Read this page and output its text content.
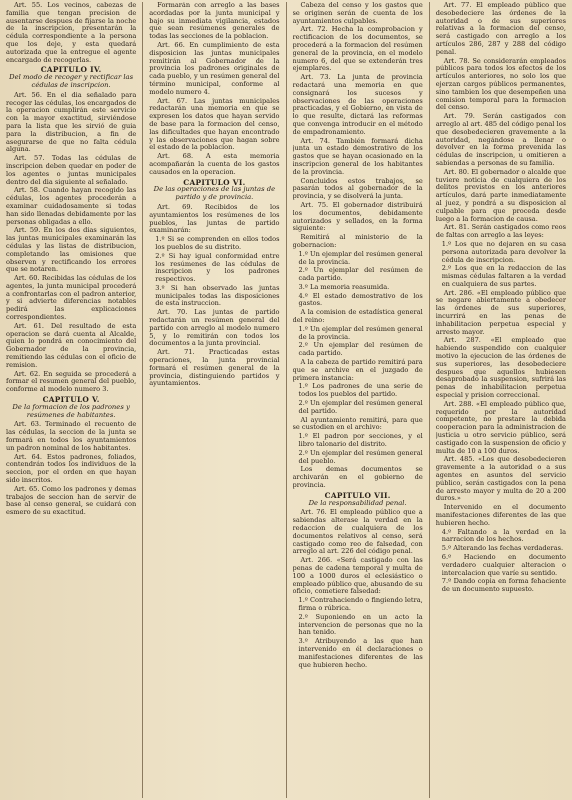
Art. 55. Los vecinos, cabezas de familia que tengan precision de ausentarse despues de fijarse la noche de la inscripcion, presentarán la cédula correspondiente a la persona que los deje, y esta quedará autorizada que la entregue el agente encargado de recogerlas.

CAPITULO IV.
Del modo de recoger y rectificar las cédulas de inscripcion.

Art. 56. En el dia señalado para recoger las cédulas, los encargados de la operacion cumplirán este servicio con la mayor exactitud, sirviéndose para la lista que les sirvió de guia para la distribucion, a fin de asegurarse de que no falta cédula alguna.

Art. 57. Todas las cédulas de inscripcion deben quedar en poder de los agentes o juntas municipales dentro del dia siguiente al señalado.

Art. 58. Cuando hayan recogido las cédulas, los agentes procederán a examinar cuidadosamente si todas han sido llenadas debidamente por las personas obligadas a ello.

Art. 59. En los dos dias siguientes, las juntas municipales examinarán las cédulas y las listas de distribucion, completando las omisiones que observen y rectificando los errores que se notaren.

Art. 60. Recibidas las cédulas de los agentes, la junta municipal procederá a confrontarlas con el padron anterior, y si advierte diferencias notables pedirá las explicaciones correspondientes.

Art. 61. Del resultado de esta operacion se dará cuenta al Alcalde, quien lo pondrá en conocimiento del Gobernador de la provincia, remitiendo las cédulas con el oficio de remision.

Art. 62. En seguida se procederá a formar el resumen general del pueblo, conforme al modelo numero 3.

CAPITULO V.
De la formacion de los padrones y resúmenes de habitantes.

Art. 63. Terminado el recuento de las cédulas, la seccion de la junta se formará en todos los ayuntamientos un padron nominal de los habitantes.

Art. 64. Estos padrones, foliados, contendrán todos los individuos de la seccion, por el orden en que hayan sido inscritos.

Art. 65. Como los padrones y demas trabajos de seccion han de servir de base al censo general, se cuidará con esmero de su exactitud.

Formarán con arreglo a las bases acordadas por la junta municipal y bajo su inmediata vigilancia, estados que sean resúmenes generales de todas las secciones de la poblacion.

Art. 66. En cumplimiento de esta disposicion las juntas municipales remitirán al Gobernador de la provincia los padrones originales de cada pueblo, y un resúmen general del término municipal, conforme al modelo numero 4.

Art. 67. Las juntas municipales redactarán una memoria en que se expresen los datos que hayan servido de base para la formacion del censo, las dificultades que hayan encontrado y las observaciones que hagan sobre el estado de la poblacion.

Art. 68. A esta memoria acompañarán la cuenta de los gastos causados en la operacion.

CAPITULO VI.
De las operaciones de las juntas de partido y de provincia.

Art. 69. Recibidos de los ayuntamientos los resúmenes de los pueblos, las juntas de partido examinarán:

1.º Si se comprenden en ellos todos los pueblos de su distrito.
2.º Si hay igual conformidad entre los resúmenes de las cédulas de inscripcion y los padrones respectivos.
3.º Si han observado las juntas municipales todas las disposiciones de esta instruccion.

Art. 70. Las juntas de partido redactarán un resúmen general del partido con arreglo al modelo numero 5, y lo remitirán con todos los documentos a la junta provincial.

Art. 71. Practicadas estas operaciones, la junta provincial formará el resúmen general de la provincia, distinguiendo partidos y ayuntamientos.

Cabeza del censo y los gastos que se originen serán de cuenta de los ayuntamientos culpables.

Art. 72. Hecha la comprobacion y rectificacion de los documentos, se procederá a la formacion del resúmen general de la provincia, en el modelo numero 6, del que se extenderán tres ejemplares.

Art. 73. La junta de provincia redactará una memoria en que consignará los sucesos y observaciones de las operaciones practicadas, y el Gobierno, en vista de lo que resulte, dictará las reformas que convenga introducir en el método de empadronamiento.

Art. 74. También formará dicha junta un estado demostrativo de los gastos que se hayan ocasionado en la inscripcion general de los habitantes de la provincia.

Concluidos estos trabajos, se pasarán todos al gobernador de la provincia, y se disolverá la junta.

Art. 75. El gobernador distribuirá los documentos, debidamente autorizados y sellados, en la forma siguiente:

Remitirá al ministerio de la gobernacion:

1.º Un ejemplar del resúmen general de la provincia.
2.º Un ejemplar del resúmen de cada partido.
3.º La memoria reasumida.
4.º El estado demostrativo de los gastos.

A la comision de estadística general del reino:

1.º Un ejemplar del resúmen general de la provincia.
2.º Un ejemplar del resúmen de cada partido.

A la cabeza de partido remitirá para que se archive en el juzgado de primera instancia:

1.º Los padrones de una serie de todos los pueblos del partido.
2.º Un ejemplar del resúmen general del partido.

Al ayuntamiento remitirá, para que se custodien en el archivo:

1.º El padron por secciones, y el libro talonario del distrito.
2.º Un ejemplar del resúmen general del pueblo.

Los demas documentos se archivarán en el gobierno de provincia.

CAPITULO VII.
De la responsabilidad penal.

Art. 76. El empleado público que a sabiendas alterase la verdad en la redaccion de cualquiera de los documentos relativos al censo, será castigado como reo de falsedad, con arreglo al art. 226 del código penal.

Art. 266. «Será castigado con las penas de cadena temporal y multa de 100 a 1000 duros el eclesiástico o empleado público que, abusando de su oficio, cometiere falsedad:

1.º Contrahaciendo o fingiendo letra, firma o rúbrica.
2.º Suponiendo en un acto la intervencion de personas que no la han tenido.
3.º Atribuyendo a las que han intervenido en él declaraciones o manifestaciones diferentes de las que hubieren hecho.

Art. 77. El empleado público que desobedeciere las órdenes de la autoridad o de sus superiores relativas a la formacion del censo, será castigado con arreglo a los artículos 286, 287 y 288 del código penal.

Art. 78. Se considerarán empleados públicos para todos los efectos de los artículos anteriores, no solo los que ejerzan cargos públicos permanentes, sino tambien los que desempeñen una comision temporal para la formacion del censo.

Art. 79. Serán castigados con arreglo al art. 485 del código penal los que desobedecieren gravemente a la autoridad, negándose a llenar o devolver en la forma prevenida las cédulas de inscripcion, u omitieren a sabiendas a personas de su familia.

Art. 80. El gobernador o alcalde que tuviere noticia de cualquiera de los delitos previstos en los anteriores artículos, dará parte inmediatamente al juez, y pondrá a su disposicion al culpable para que proceda desde luego a la formacion de causa.

Art. 81. Serán castigados como reos de faltas con arreglo a las leyes:

1.º Los que no dejaren en su casa persona autorizada para devolver la cédula de inscripcion.
2.º Los que en la redaccion de las mismas cédulas faltaren a la verdad en cualquiera de sus partes.

Art. 286. «El empleado público que se negare abiertamente a obedecer las órdenes de sus superiores, incurrirá en las penas de inhabilitacion perpetua especial y arresto mayor.

Art. 287. «El empleado que habiendo suspendido con cualquier motivo la ejecucion de las órdenes de sus superiores, las desobedeciere despues que aquellos hubiesen desaprobado la suspension, sufrirá las penas de inhabilitacion perpetua especial y prision correccional.

Art. 288. «El empleado público que, requerido por la autoridad competente, no prestare la debida cooperacion para la administracion de justicia u otro servicio público, será castigado con la suspension de oficio y multa de 10 a 100 duros.

Art. 485. «Los que desobedecieren gravemente a la autoridad o a sus agentes en asuntos del servicio público, serán castigados con la pena de arresto mayor y multa de 20 a 200 duros.»

Intervenido en el documento manifestaciones diferentes de las que hubieren hecho.

4.º Faltando a la verdad en la narracion de los hechos.
5.º Alterando las fechas verdaderas.
6.º Haciendo en documento verdadero cualquier alteracion o intercalacion que varíe su sentido.
7.º Dando copia en forma fehaciente de un documento supuesto.
